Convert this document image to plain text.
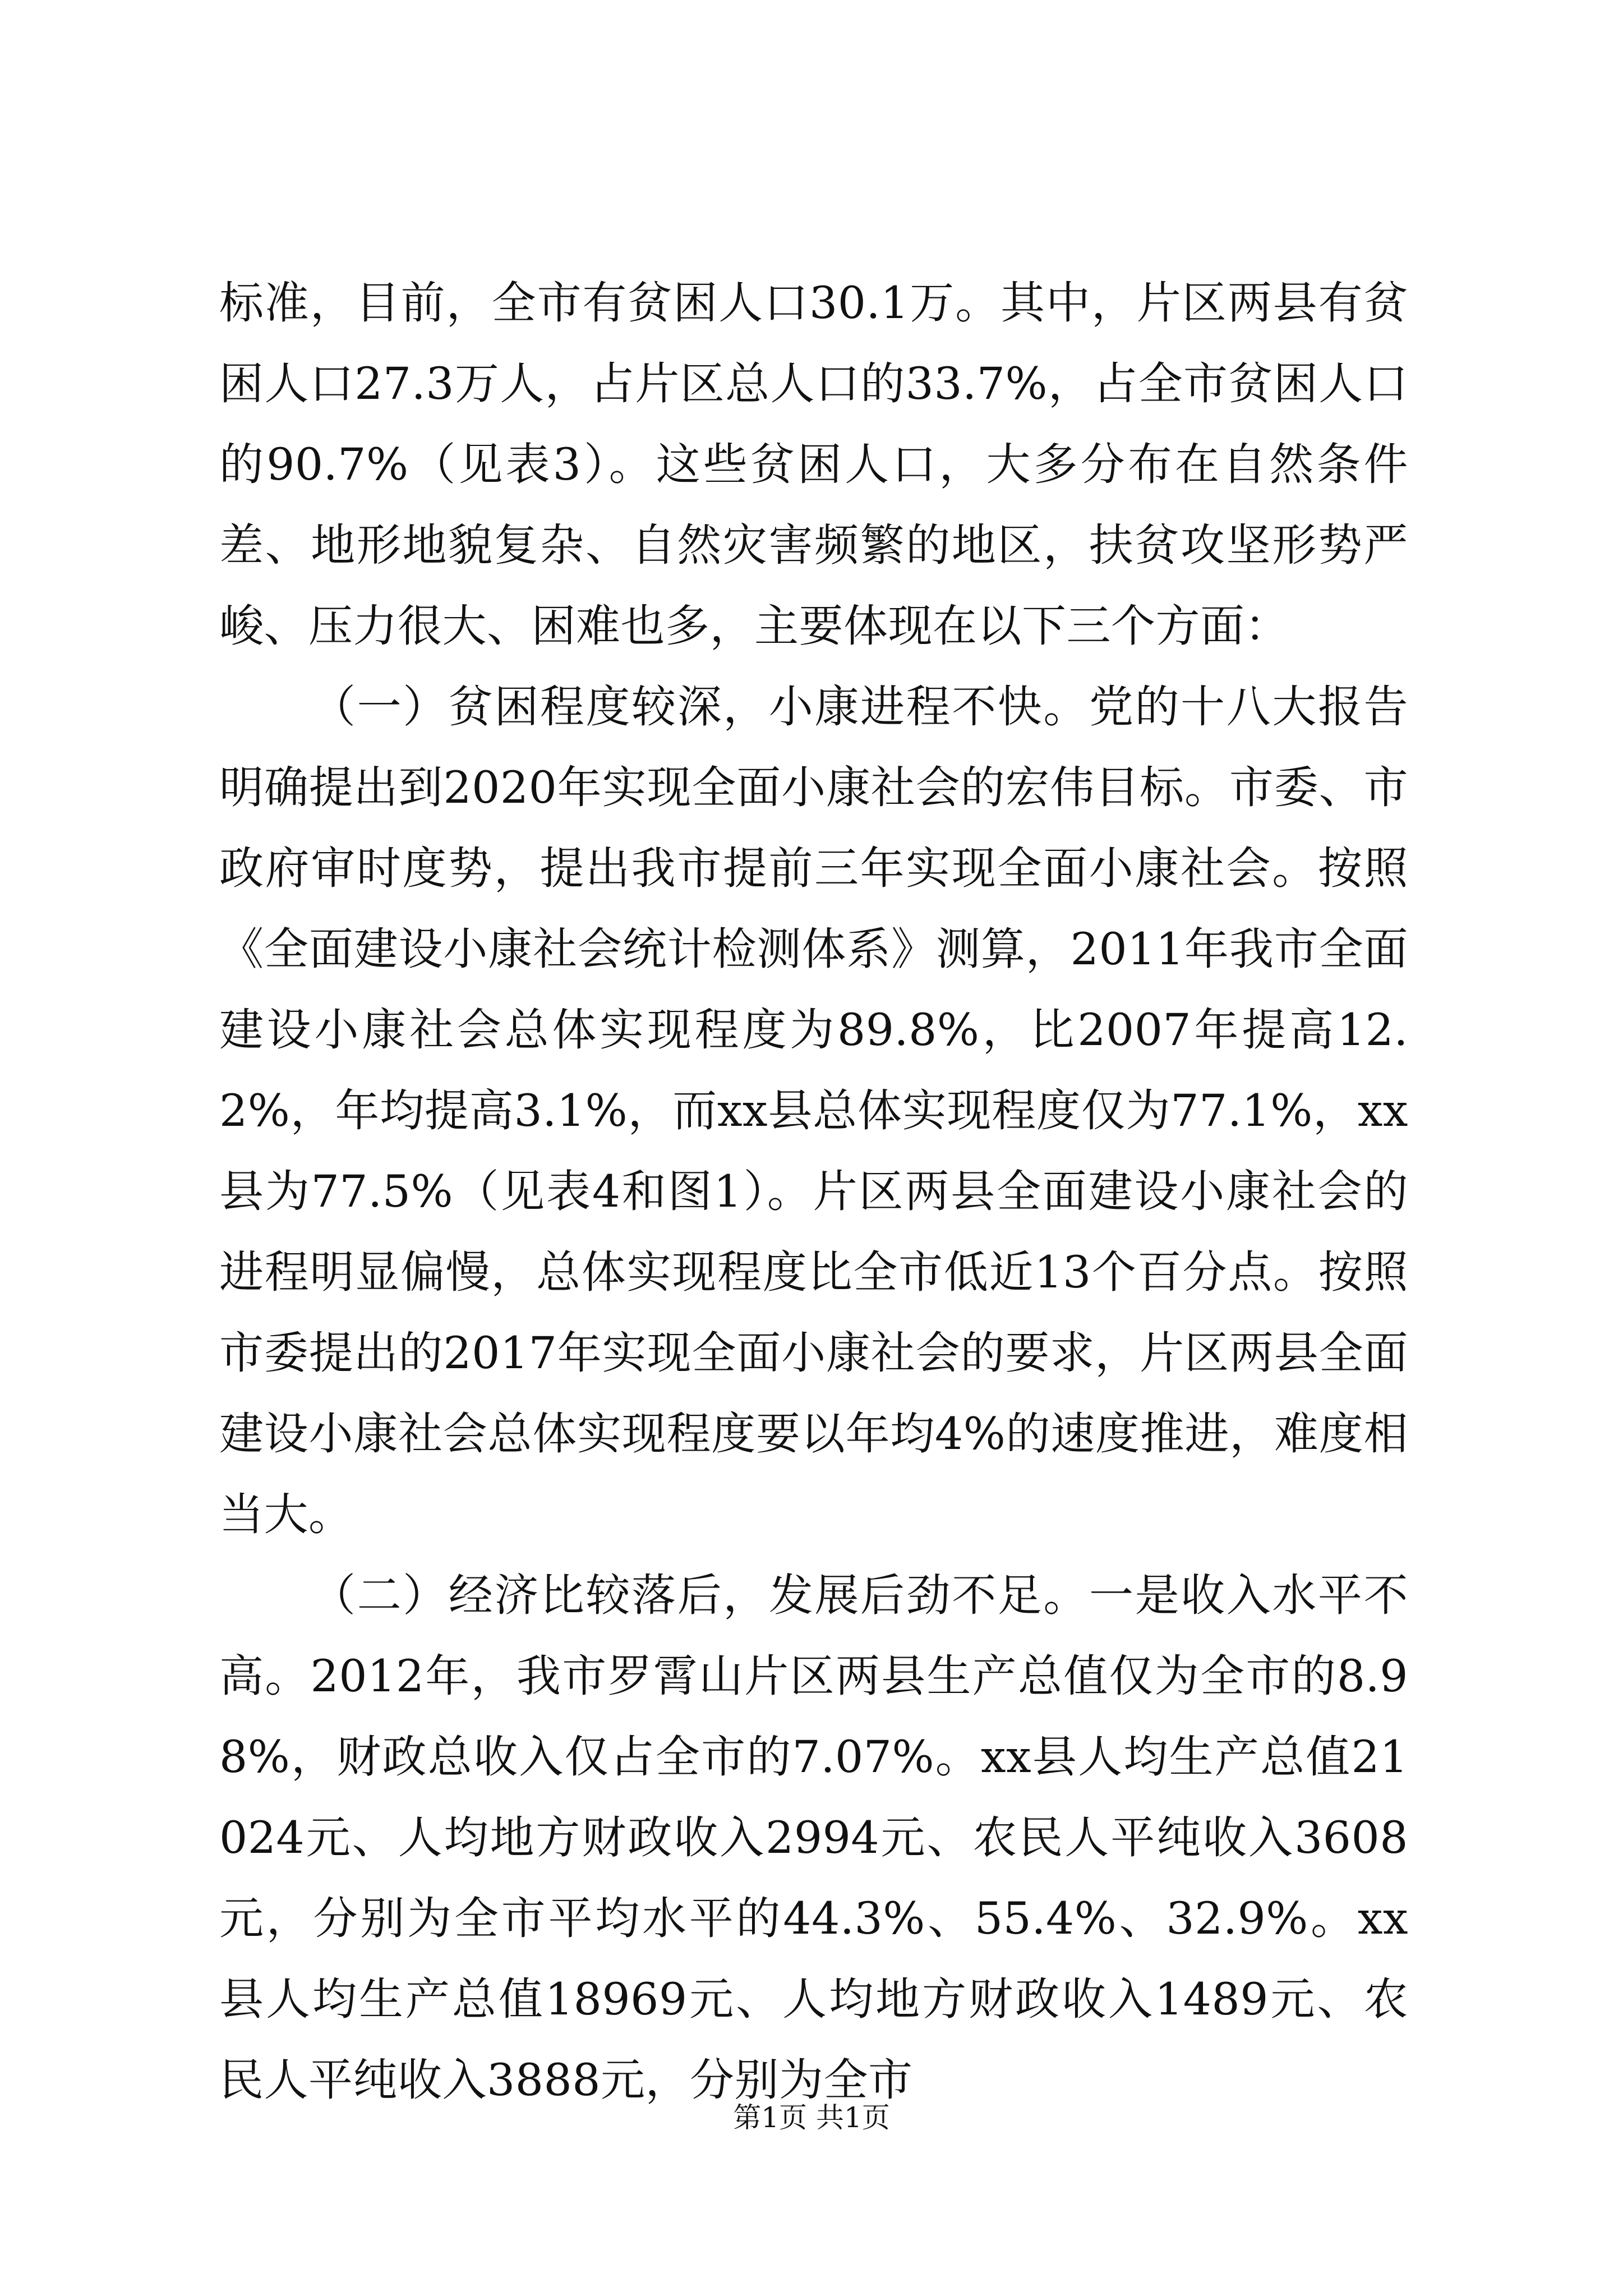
标准，目前，全市有贫困人口30.1万。其中，片区两县有贫困人口27.3万人，占片区总人口的33.7%，占全市贫困人口的90.7%（见表3）。这些贫困人口，大多分布在自然条件差、地形地貌复杂、自然灾害频繁的地区，扶贫攻坚形势严峻、压力很大、困难也多，主要体现在以下三个方面：

（一）贫困程度较深，小康进程不快。党的十八大报告明确提出到2020年实现全面小康社会的宏伟目标。市委、市政府审时度势，提出我市提前三年实现全面小康社会。按照《全面建设小康社会统计检测体系》测算，2011年我市全面建设小康社会总体实现程度为89.8%，比2007年提高12.2%，年均提高3.1%，而xx县总体实现程度仅为77.1%，xx县为77.5%（见表4和图1）。片区两县全面建设小康社会的进程明显偏慢，总体实现程度比全市低近13个百分点。按照市委提出的2017年实现全面小康社会的要求，片区两县全面建设小康社会总体实现程度要以年均4%的速度推进，难度相当大。

（二）经济比较落后，发展后劲不足。一是收入水平不高。2012年，我市罗霄山片区两县生产总值仅为全市的8.98%，财政总收入仅占全市的7.07%。xx县人均生产总值21024元、人均地方财政收入2994元、农民人平纯收入3608元，分别为全市平均水平的44.3%、55.4%、32.9%。xx县人均生产总值18969元、人均地方财政收入1489元、农民人平纯收入3888元，分别为全市

第1页 共1页
